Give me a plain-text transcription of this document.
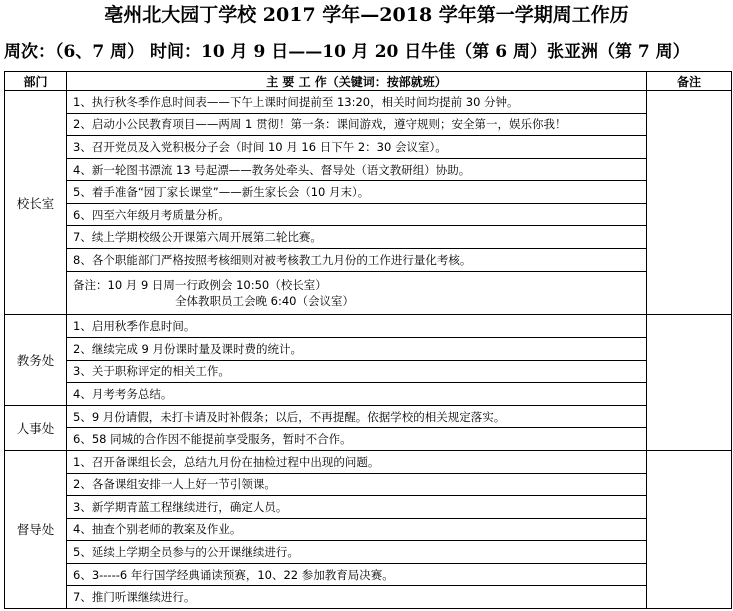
亳州北大园丁学校 2017 学年—2018 学年第一学期周工作历
周次：（6、7 周） 时间：10 月 9 日——10 月 20 日牛佳（第 6 周）张亚洲（第 7 周）
部门	主 要 工 作（关键词：按部就班）	备注
校长室	1、执行秋冬季作息时间表——下午上课时间提前至 13:20，相关时间均提前 30 分钟。	
	2、启动小公民教育项目——两周 1 贯彻！第一条：课间游戏，遵守规则；安全第一，娱乐你我！	
	3、召开党员及入党积极分子会（时间 10 月 16 日下午 2：30 会议室）。	
	4、新一轮图书漂流 13 号起漂——教务处牵头、督导处（语文教研组）协助。	
	5、着手准备“园丁家长课堂”——新生家长会（10 月末）。	
	6、四至六年级月考质量分析。	
	7、续上学期校级公开课第六周开展第二轮比赛。	
	8、各个职能部门严格按照考核细则对被考核教工九月份的工作进行量化考核。	
	备注：10 月 9 日周一行政例会 10:50（校长室）

全体教职员工会晚 6:40（会议室）	

教务处	1、启用秋季作息时间。	
	2、继续完成 9 月份课时量及课时费的统计。	
	3、关于职称评定的相关工作。	
	4、月考考务总结。	
人事处	5、9 月份请假，未打卡请及时补假条；以后，不再提醒。依据学校的相关规定落实。	
	6、58 同城的合作因不能提前享受服务，暂时不合作。	
督导处	1、召开备课组长会，总结九月份在抽检过程中出现的问题。	
	2、各备课组安排一人上好一节引领课。	
	3、新学期青蓝工程继续进行，确定人员。	
	4、抽查个别老师的教案及作业。	
	5、延续上学期全员参与的公开课继续进行。	
	6、3-----6 年行国学经典诵读预赛，10、22 参加教育局决赛。	
	7、推门听课继续进行。	
